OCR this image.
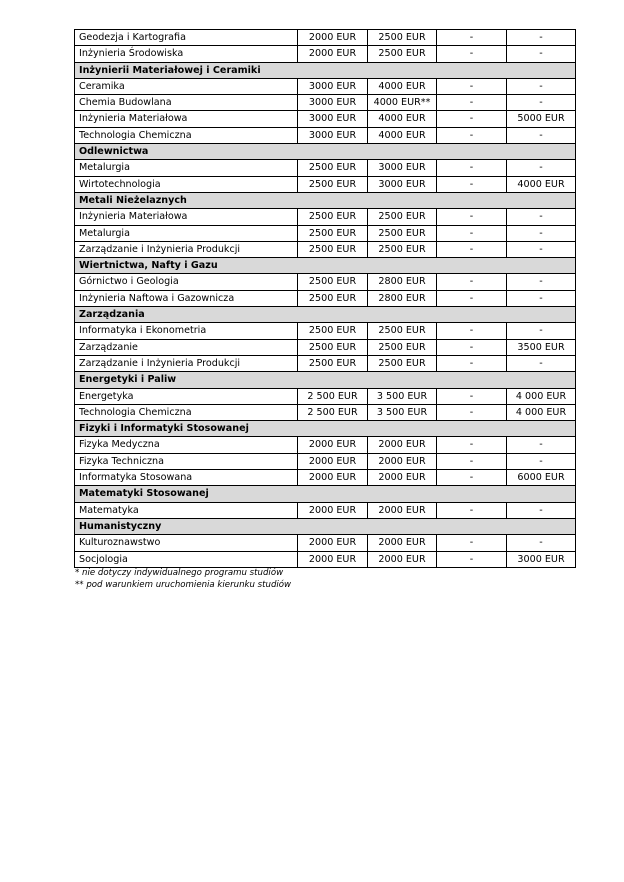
Geodezja i Kartografia	2000 EUR	2500 EUR	-	-
Inżynieria Środowiska	2000 EUR	2500 EUR	-	-
Inżynierii Materiałowej i Ceramiki				
Ceramika	3000 EUR	4000 EUR	-	-
Chemia Budowlana	3000 EUR	4000 EUR**	-	-
Inżynieria Materiałowa	3000 EUR	4000 EUR	-	5000 EUR
Technologia Chemiczna	3000 EUR	4000 EUR	-	-
Odlewnictwa				
Metalurgia	2500 EUR	3000 EUR	-	-
Wirtotechnologia	2500 EUR	3000 EUR	-	4000 EUR
Metali Nieżelaznych				
Inżynieria Materiałowa	2500 EUR	2500 EUR	-	-
Metalurgia	2500 EUR	2500 EUR	-	-
Zarządzanie i Inżynieria Produkcji	2500 EUR	2500 EUR	-	-
Wiertnictwa, Nafty i Gazu				
Górnictwo i Geologia	2500 EUR	2800 EUR	-	-
Inżynieria Naftowa i Gazownicza	2500 EUR	2800 EUR	-	-
Zarządzania				
Informatyka i Ekonometria	2500 EUR	2500 EUR	-	-
Zarządzanie	2500 EUR	2500 EUR	-	3500 EUR
Zarządzanie i Inżynieria Produkcji	2500 EUR	2500 EUR	-	-
Energetyki i Paliw				
Energetyka	2 500 EUR	3 500 EUR	-	4 000 EUR
Technologia Chemiczna	2 500 EUR	3 500 EUR	-	4 000 EUR
Fizyki i Informatyki Stosowanej				
Fizyka Medyczna	2000 EUR	2000 EUR	-	-
Fizyka Techniczna	2000 EUR	2000 EUR	-	-
Informatyka Stosowana	2000 EUR	2000 EUR	-	6000 EUR
Matematyki Stosowanej				
Matematyka	2000 EUR	2000 EUR	-	-
Humanistyczny				
Kulturoznawstwo	2000 EUR	2000 EUR	-	-
Socjologia	2000 EUR	2000 EUR	-	3000 EUR
* nie dotyczy indywidualnego programu studiów
** pod warunkiem uruchomienia kierunku studiów
